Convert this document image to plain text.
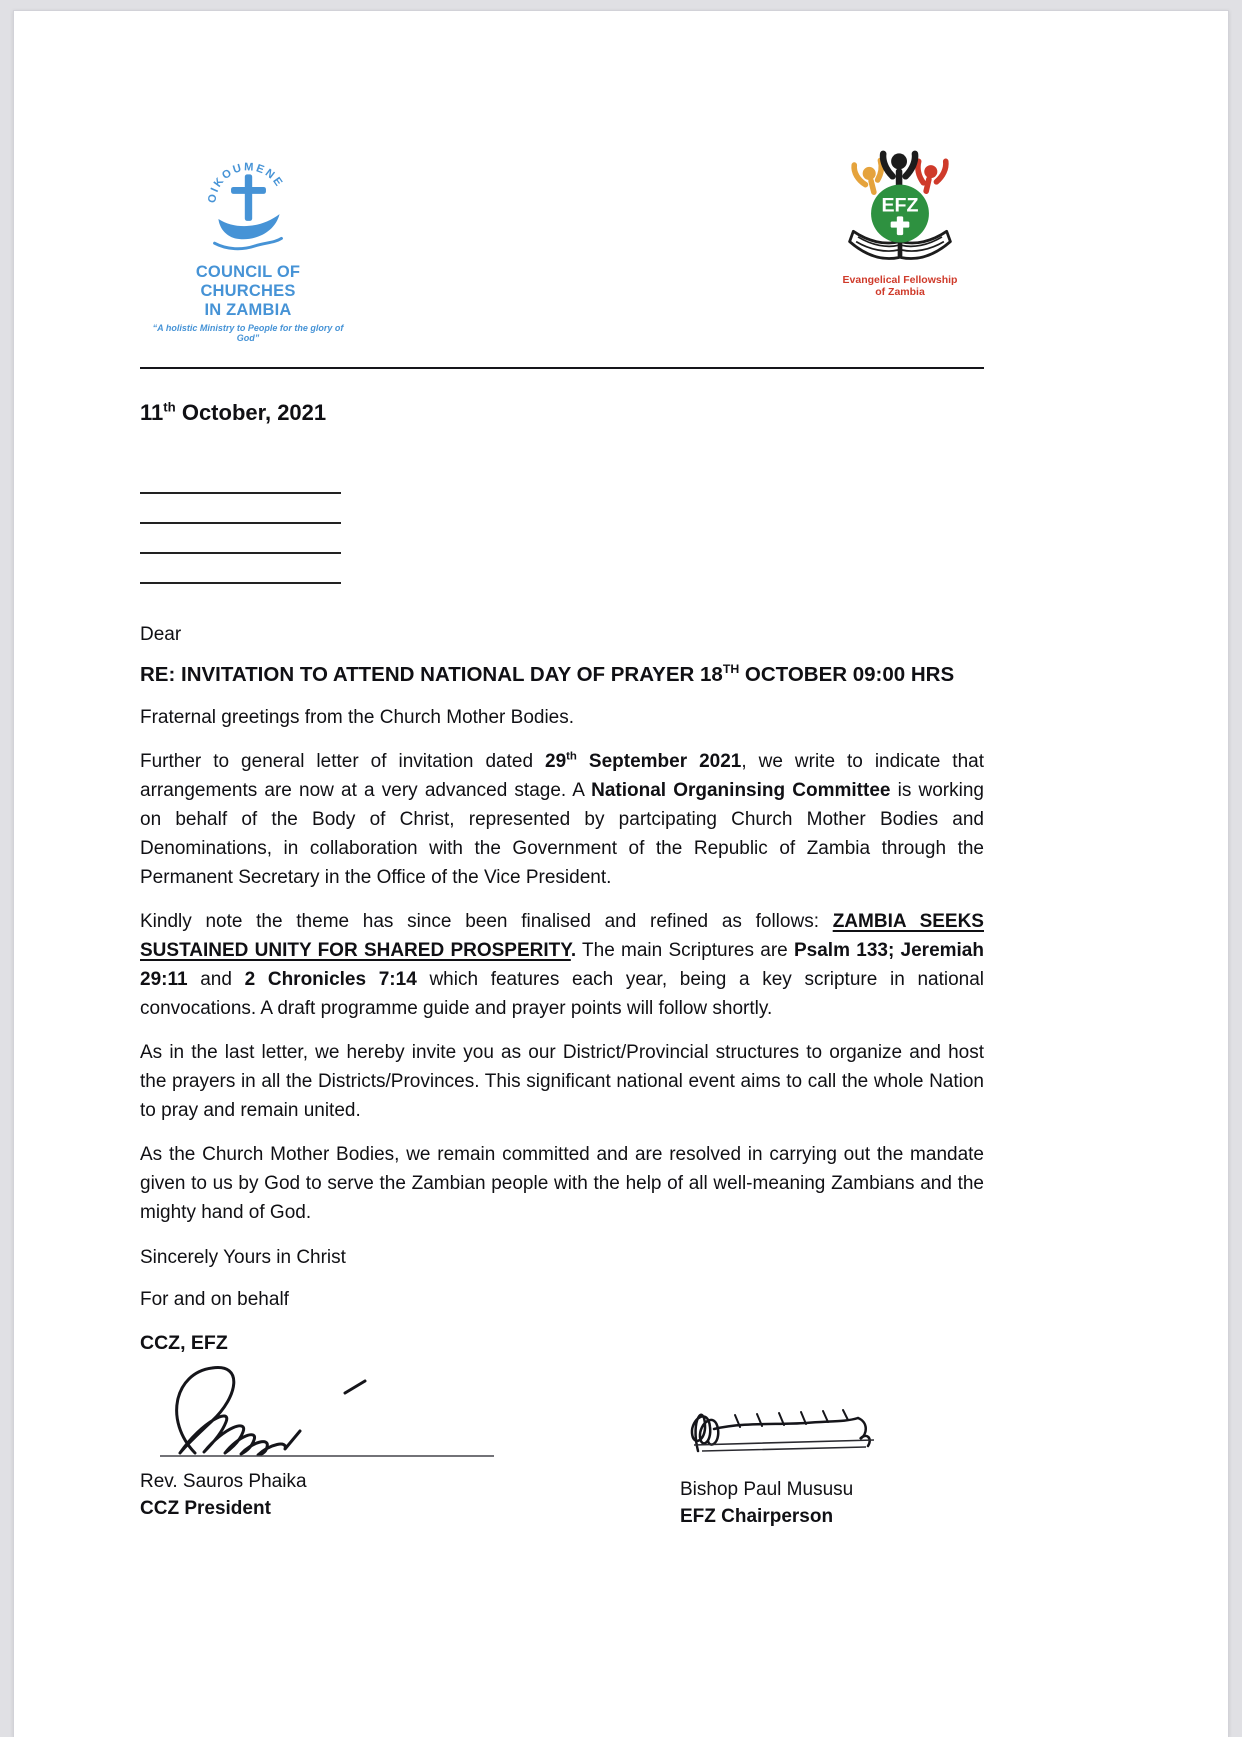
OIKOUMENE
COUNCIL OF CHURCHES
IN ZAMBIA
“A holistic Ministry to People for the glory of God”
EFZ
Evangelical Fellowship
of Zambia
11th October, 2021
Dear
RE: INVITATION TO ATTEND NATIONAL DAY OF PRAYER 18TH OCTOBER 09:00 HRS

Fraternal greetings from the Church Mother Bodies.

Further to general letter of invitation dated 29th September 2021, we write to indicate that arrangements are now at a very advanced stage. A National Organinsing Committee is working on behalf of the Body of Christ, represented by partcipating Church Mother Bodies and Denominations, in collaboration with the Government of the Republic of Zambia through the Permanent Secretary in the Office of the Vice President.

Kindly note the theme has since been finalised and refined as follows: ZAMBIA SEEKS SUSTAINED UNITY FOR SHARED PROSPERITY. The main Scriptures are Psalm 133; Jeremiah 29:11 and 2 Chronicles 7:14 which features each year, being a key scripture in national convocations. A draft programme guide and prayer points will follow shortly.

As in the last letter, we hereby invite you as our District/Provincial structures to organize and host the prayers in all the Districts/Provinces. This significant national event aims to call the whole Nation to pray and remain united.

As the Church Mother Bodies, we remain committed and are resolved in carrying out the mandate given to us by God to serve the Zambian people with the help of all well-meaning Zambians and the mighty hand of God.

Sincerely Yours in Christ
For and on behalf
CCZ, EFZ
Rev. Sauros Phaika
CCZ President
Bishop Paul Mususu
EFZ Chairperson
